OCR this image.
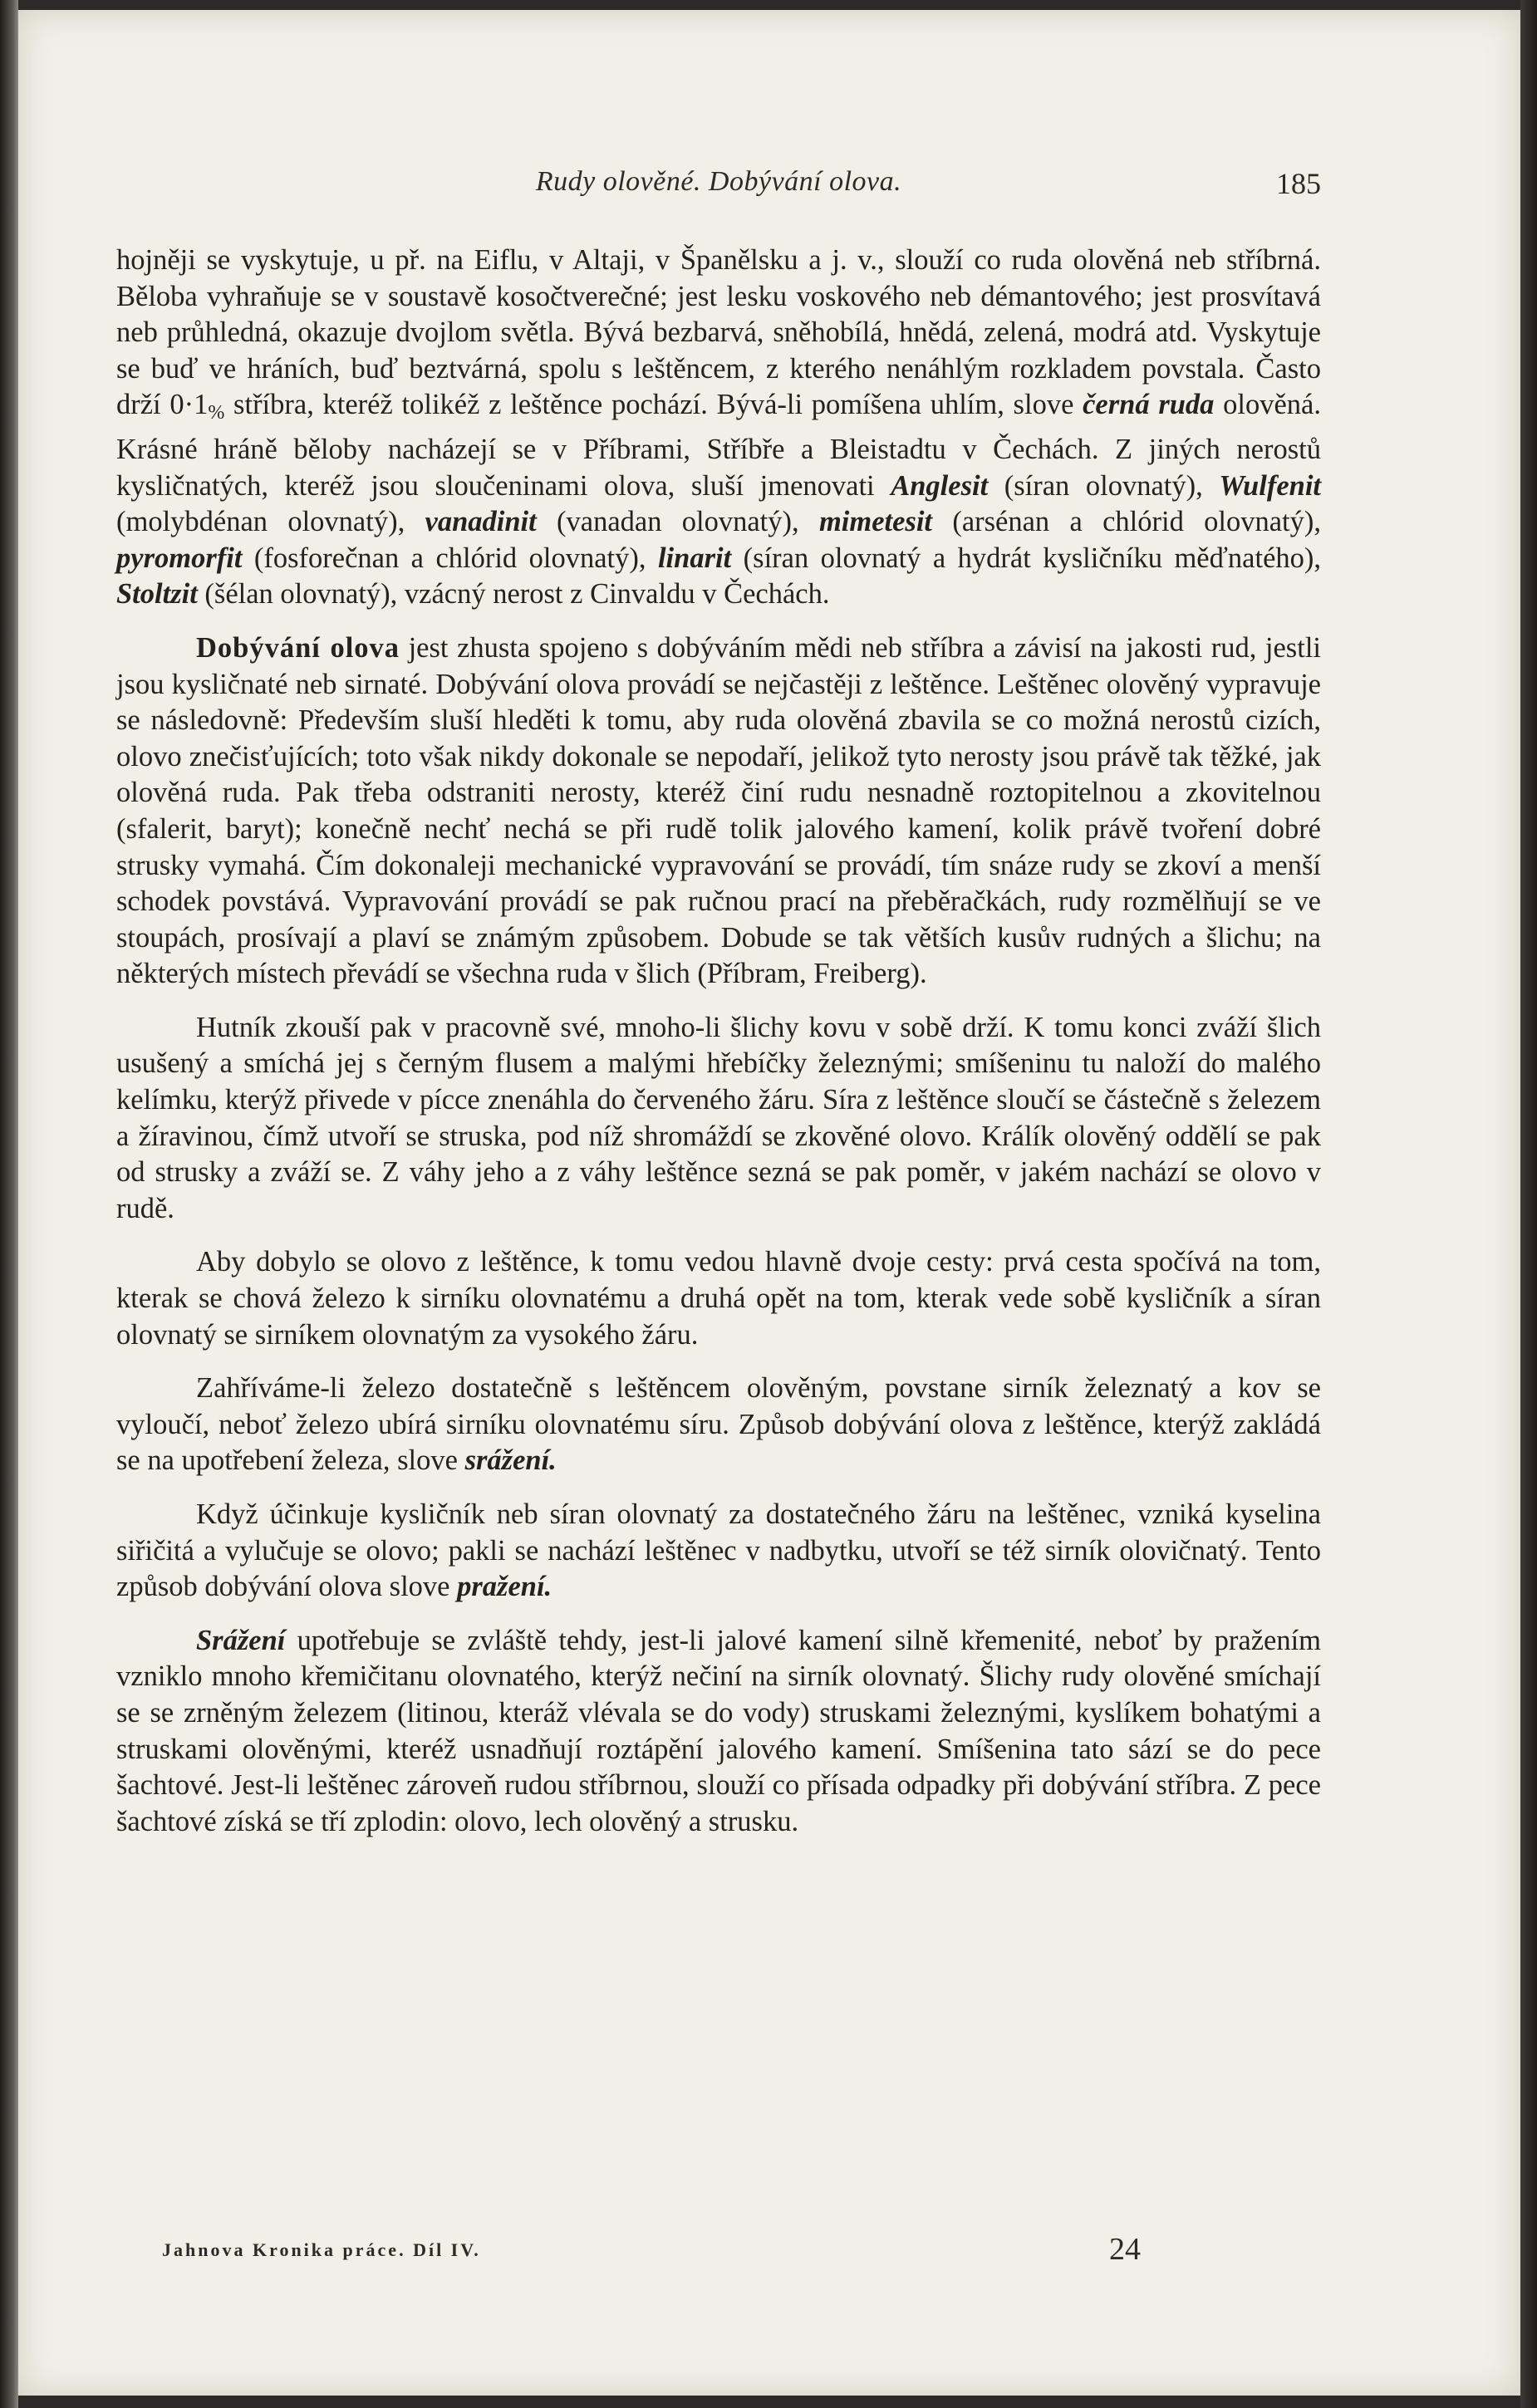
Rudy olověné. Dobývání olova.	185

hojněji se vyskytuje, u př. na Eiflu, v Altaji, v Španělsku a j. v., slouží co ruda olověná neb stříbrná. Běloba vyhraňuje se v soustavě kosočtverečné; jest lesku voskového neb démantového; jest prosvítavá neb průhledná, okazuje dvojlom světla. Bývá bezbarvá, sněhobílá, hnědá, zelená, modrá atd. Vyskytuje se buď ve hráních, buď beztvárná, spolu s leštěncem, z kterého nenáhlým rozkladem povstala. Často drží $0\cdot 1_{\%}$ stříbra, kteréž tolikéž z leštěnce pochází. Bývá-li pomíšena uhlím, slove černá ruda olověná. Krásné hráně běloby nacházejí se v Příbrami, Stříbře a Bleistadtu v Čechách. Z jiných nerostů kysličnatých, kteréž jsou sloučeninami olova, sluší jmenovati Anglesit (síran olovnatý), Wulfenit (molybdénan olovnatý), vanadinit (vanadan olovnatý), mimetesit (arsénan a chlórid olovnatý), pyromorfit (fosforečnan a chlórid olovnatý), linarit (síran olovnatý a hydrát kysličníku měďnatého), Stoltzit (šélan olovnatý), vzácný nerost z Cinvaldu v Čechách.

Dobývání olova jest zhusta spojeno s dobýváním mědi neb stříbra a závisí na jakosti rud, jestli jsou kysličnaté neb sirnaté. Dobývání olova provádí se nejčastěji z leštěnce. Leštěnec olověný vypravuje se následovně: Především sluší hleděti k tomu, aby ruda olověná zbavila se co možná nerostů cizích, olovo znečisťujících; toto však nikdy dokonale se nepodaří, jelikož tyto nerosty jsou právě tak těžké, jak olověná ruda. Pak třeba odstraniti nerosty, kteréž činí rudu nesnadně roztopitelnou a zkovitelnou (sfalerit, baryt); konečně nechť nechá se při rudě tolik jalového kamení, kolik právě tvoření dobré strusky vymahá. Čím dokonaleji mechanické vypravování se provádí, tím snáze rudy se zkoví a menší schodek povstává. Vypravování provádí se pak ručnou prací na přeběračkách, rudy rozmělňují se ve stoupách, prosívají a plaví se známým způsobem. Dobude se tak větších kusův rudných a šlichu; na některých místech převádí se všechna ruda v šlich (Příbram, Freiberg).

Hutník zkouší pak v pracovně své, mnoho-li šlichy kovu v sobě drží. K tomu konci zváží šlich usušený a smíchá jej s černým flusem a malými hřebíčky železnými; smíšeninu tu naloží do malého kelímku, kterýž přivede v pícce znenáhla do červeného žáru. Síra z leštěnce sloučí se částečně s železem a žíravinou, čímž utvoří se struska, pod níž shromáždí se zkověné olovo. Králík olověný oddělí se pak od strusky a zváží se. Z váhy jeho a z váhy leštěnce sezná se pak poměr, v jakém nachází se olovo v rudě.

Aby dobylo se olovo z leštěnce, k tomu vedou hlavně dvoje cesty: prvá cesta spočívá na tom, kterak se chová železo k sirníku olovnatému a druhá opět na tom, kterak vede sobě kysličník a síran olovnatý se sirníkem olovnatým za vysokého žáru.

Zahříváme-li železo dostatečně s leštěncem olověným, povstane sirník železnatý a kov se vyloučí, neboť železo ubírá sirníku olovnatému síru. Způsob dobývání olova z leštěnce, kterýž zakládá se na upotřebení železa, slove srážení.

Když účinkuje kysličník neb síran olovnatý za dostatečného žáru na leštěnec, vzniká kyselina siřičitá a vylučuje se olovo; pakli se nachází leštěnec v nadbytku, utvoří se též sirník olovičnatý. Tento způsob dobývání olova slove pražení.

Srážení upotřebuje se zvláště tehdy, jest-li jalové kamení silně křemenité, neboť by pražením vzniklo mnoho křemičitanu olovnatého, kterýž nečiní na sirník olovnatý. Šlichy rudy olověné smíchají se se zrněným železem (litinou, kteráž vlévala se do vody) struskami železnými, kyslíkem bohatými a struskami olověnými, kteréž usnadňují roztápění jalového kamení. Smíšenina tato sází se do pece šachtové. Jest-li leštěnec zároveň rudou stříbrnou, slouží co přísada odpadky při dobývání stříbra. Z pece šachtové získá se tří zplodin: olovo, lech olověný a strusku.

Jahnova Kronika práce. Díl IV.	24
